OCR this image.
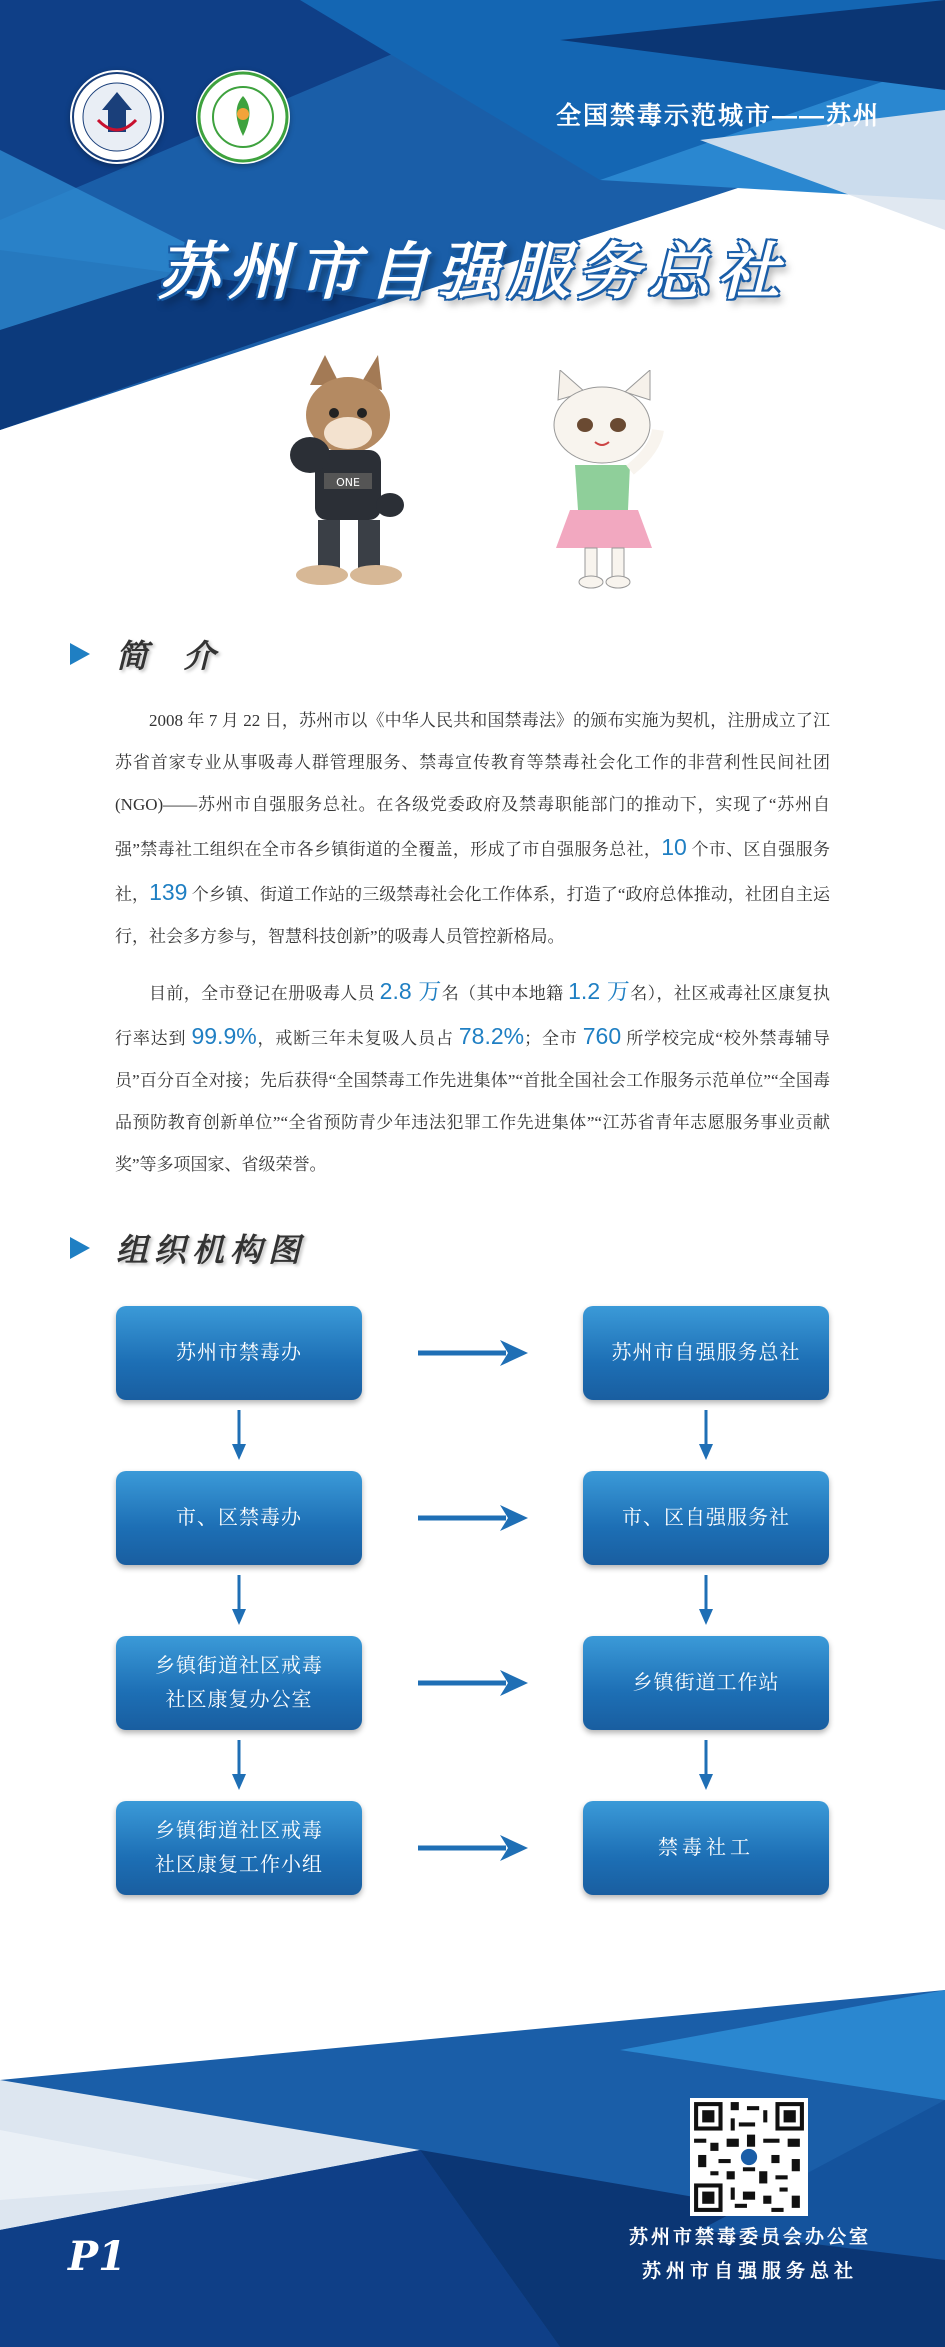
全国禁毒示范城市——苏州
苏州市自强服务总社
ONE
简 介
2008 年 7 月 22 日，苏州市以《中华人民共和国禁毒法》的颁布实施为契机，注册成立了江苏省首家专业从事吸毒人群管理服务、禁毒宣传教育等禁毒社会化工作的非营利性民间社团 (NGO)——苏州市自强服务总社。在各级党委政府及禁毒职能部门的推动下，实现了“苏州自强”禁毒社工组织在全市各乡镇街道的全覆盖，形成了市自强服务总社，10 个市、区自强服务社，139 个乡镇、街道工作站的三级禁毒社会化工作体系，打造了“政府总体推动，社团自主运行，社会多方参与，智慧科技创新”的吸毒人员管控新格局。
目前，全市登记在册吸毒人员 2.8 万名（其中本地籍 1.2 万名），社区戒毒社区康复执行率达到 99.9%，戒断三年未复吸人员占 78.2%；全市 760 所学校完成“校外禁毒辅导员”百分百全对接；先后获得“全国禁毒工作先进集体”“首批全国社会工作服务示范单位”“全国毒品预防教育创新单位”“全省预防青少年违法犯罪工作先进集体”“江苏省青年志愿服务事业贡献奖”等多项国家、省级荣誉。
组织机构图
苏州市禁毒办
市、区禁毒办
乡镇街道社区戒毒
社区康复办公室
乡镇街道社区戒毒
社区康复工作小组
苏州市自强服务总社
市、区自强服务社
乡镇街道工作站
禁毒社工
苏州市禁毒委员会办公室
苏州市自强服务总社
P1
